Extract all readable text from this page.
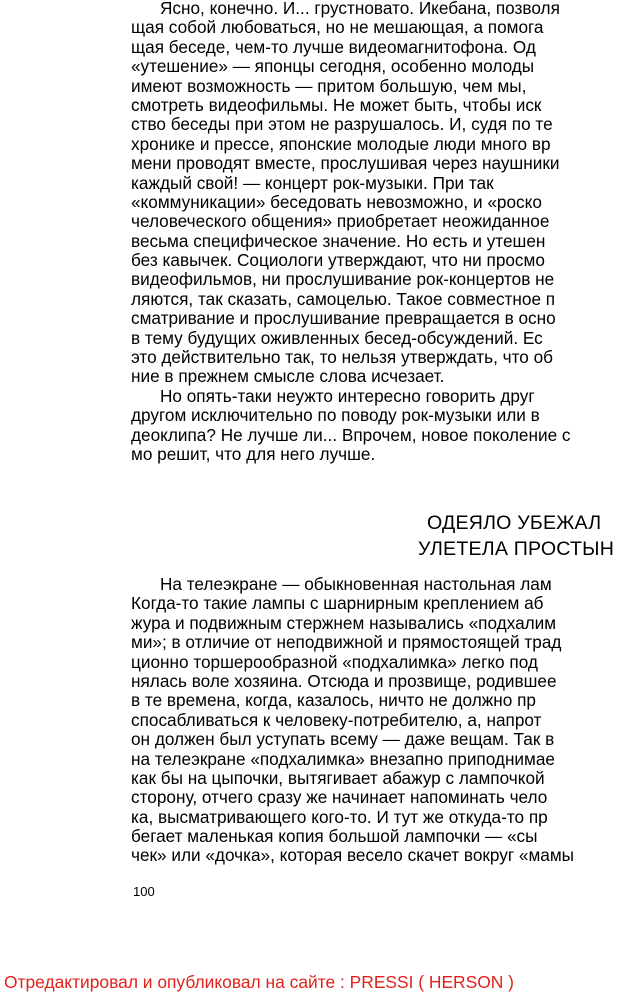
Ясно, конечно. И... грустновато. Икебана, позволя
щая собой любоваться, но не мешающая, а помога
щая беседе, чем-то лучше видеомагнитофона. Од
«утешение» — японцы сегодня, особенно молоды
имеют возможность — притом большую, чем мы,
смотреть видеофильмы. Не может быть, чтобы иск
ство беседы при этом не разрушалось. И, судя по те
хронике и прессе, японские молодые люди много вр
мени проводят вместе, прослушивая через наушники
каждый свой! — концерт рок-музыки. При так
«коммуникации» беседовать невозможно, и «роско
человеческого общения» приобретает неожиданное
весьма специфическое значение. Но есть и утешен
без кавычек. Социологи утверждают, что ни просмо
видеофильмов, ни прослушивание рок-концертов не
ляются, так сказать, самоцелью. Такое совместное п
сматривание и прослушивание превращается в осно
в тему будущих оживленных бесед-обсуждений. Ес
это действительно так, то нельзя утверждать, что об
ние в прежнем смысле слова исчезает.
Но опять-таки неужто интересно говорить друг
другом исключительно по поводу рок-музыки или в
деоклипа? Не лучше ли... Впрочем, новое поколение с
мо решит, что для него лучше.
ОДЕЯЛО УБЕЖАЛ
УЛЕТЕЛА ПРОСТЫН
На телеэкране — обыкновенная настольная лам
Когда-то такие лампы с шарнирным креплением аб
жура и подвижным стержнем назывались «подхалим
ми»; в отличие от неподвижной и прямостоящей трад
ционно торшерообразной «подхалимка» легко под
нялась воле хозяина. Отсюда и прозвище, родившее
в те времена, когда, казалось, ничто не должно пр
спосабливаться к человеку-потребителю, а, напрот
он должен был уступать всему — даже вещам. Так в
на телеэкране «подхалимка» внезапно приподнимае
как бы на цыпочки, вытягивает абажур с лампочкой
сторону, отчего сразу же начинает напоминать чело
ка, высматривающего кого-то. И тут же откуда-то пр
бегает маленькая копия большой лампочки — «сы
чек» или «дочка», которая весело скачет вокруг «мамы
100
Отредактировал и опубликовал на сайте : PRESSI ( HERSON )
